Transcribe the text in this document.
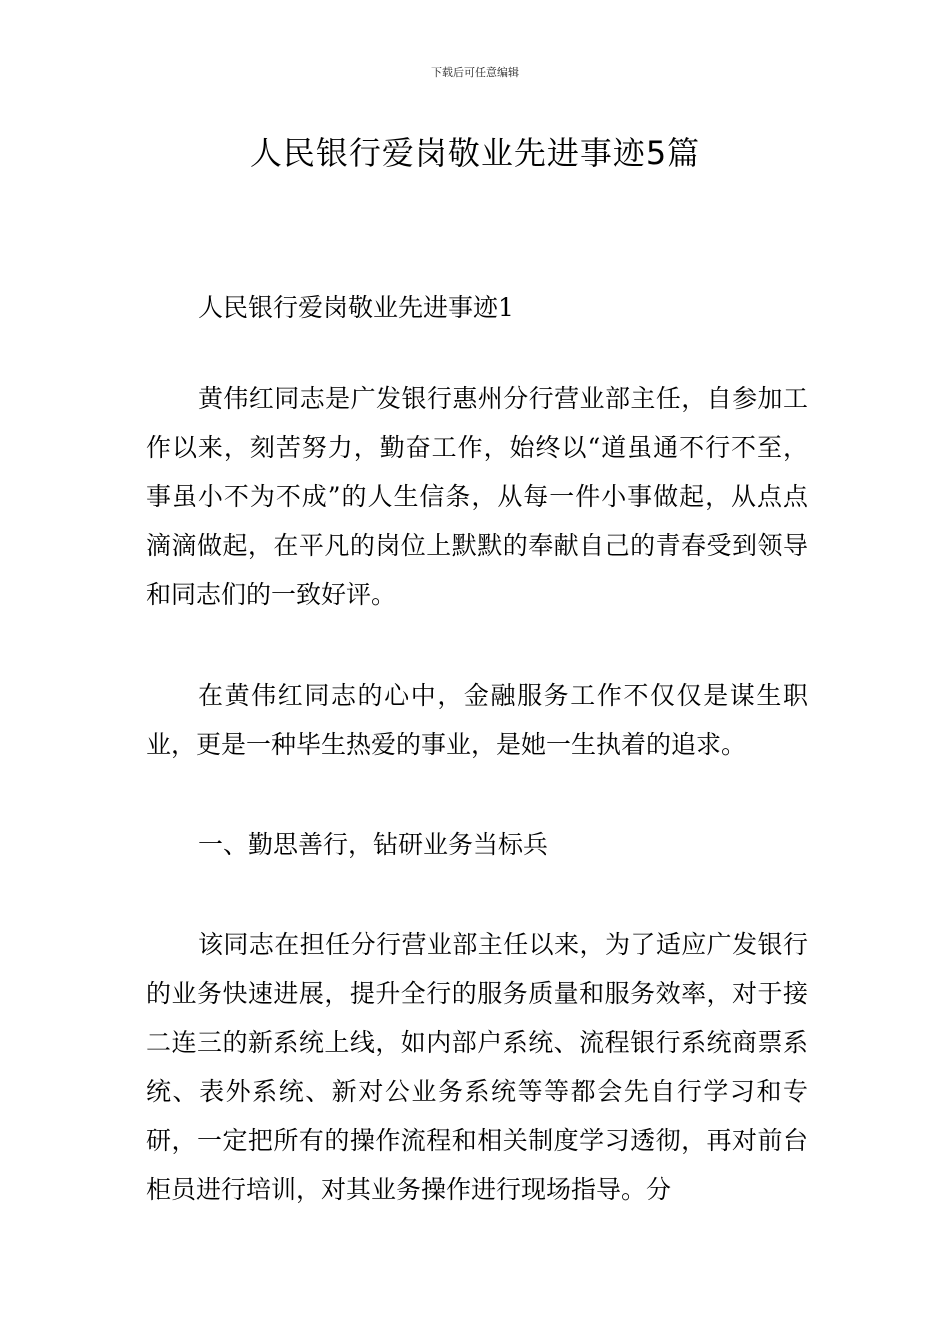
下载后可任意编辑
人民银行爱岗敬业先进事迹5篇

人民银行爱岗敬业先进事迹1

黄伟红同志是广发银行惠州分行营业部主任，自参加工作以来，刻苦努力，勤奋工作，始终以“道虽通不行不至，事虽小不为不成”的人生信条，从每一件小事做起，从点点滴滴做起，在平凡的岗位上默默的奉献自己的青春受到领导和同志们的一致好评。

在黄伟红同志的心中，金融服务工作不仅仅是谋生职业，更是一种毕生热爱的事业，是她一生执着的追求。

一、勤思善行，钻研业务当标兵

该同志在担任分行营业部主任以来，为了适应广发银行的业务快速进展，提升全行的服务质量和服务效率，对于接二连三的新系统上线，如内部户系统、流程银行系统商票系统、表外系统、新对公业务系统等等都会先自行学习和专研，一定把所有的操作流程和相关制度学习透彻，再对前台柜员进行培训，对其业务操作进行现场指导。分
